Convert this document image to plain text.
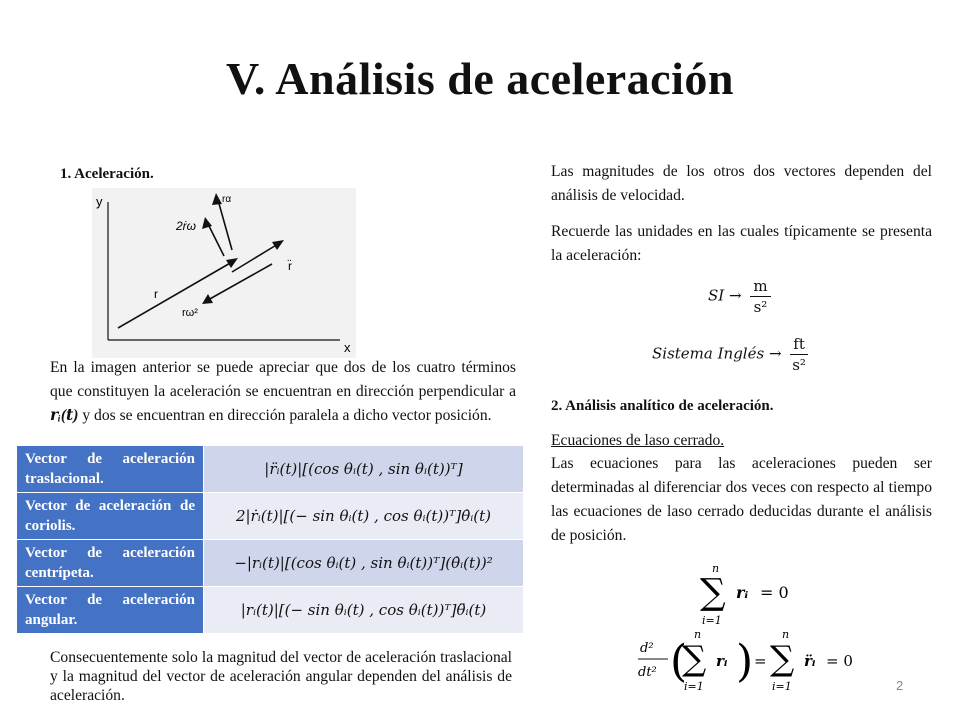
V. Análisis de aceleración
1. Aceleración.
y
x
2ṙω
rα
r̈
r
rω²

En la imagen anterior se puede apreciar que dos de los cuatro términos que constituyen la aceleración se encuentran en dirección perpendicular a 𝒓ᵢ(𝒕) y dos se encuentran en dirección paralela a dicho vector posición.

Vector de aceleración traslacional.	|r̈ᵢ(t)|[(cos θᵢ(t) , sin θᵢ(t))ᵀ]
Vector de aceleración de coriolis.	2|ṙᵢ(t)|[(− sin θᵢ(t) , cos θᵢ(t))ᵀ]θ̇ᵢ(t)
Vector de aceleración centrípeta.	−|rᵢ(t)|[(cos θᵢ(t) , sin θᵢ(t))ᵀ](θ̇ᵢ(t))²
Vector de aceleración angular.	|rᵢ(t)|[(− sin θᵢ(t) , cos θᵢ(t))ᵀ]θ̈ᵢ(t)

Consecuentemente solo la magnitud del vector de aceleración traslacional y la magnitud del vector de aceleración angular dependen del análisis de aceleración.

Las magnitudes de los otros dos vectores dependen del análisis de velocidad.

Recuerde las unidades en las cuales típicamente se presenta la aceleración:

SI → $\frac{m}{\text{s²}}$
Sistema Inglés → $\frac{ft}{\text{s²}}$
2. Análisis analítico de aceleración.
Ecuaciones de laso cerrado.

Las ecuaciones para las aceleraciones pueden ser determinadas al diferenciar dos veces con respecto al tiempo las ecuaciones de laso cerrado deducidas durante el análisis de posición.

n
∑
i=1
𝒓ᵢ = 0
d²
dt² (
n
∑
i=1
𝒓ᵢ ) =
n
∑
i=1
𝒓̈ᵢ = 0
2
